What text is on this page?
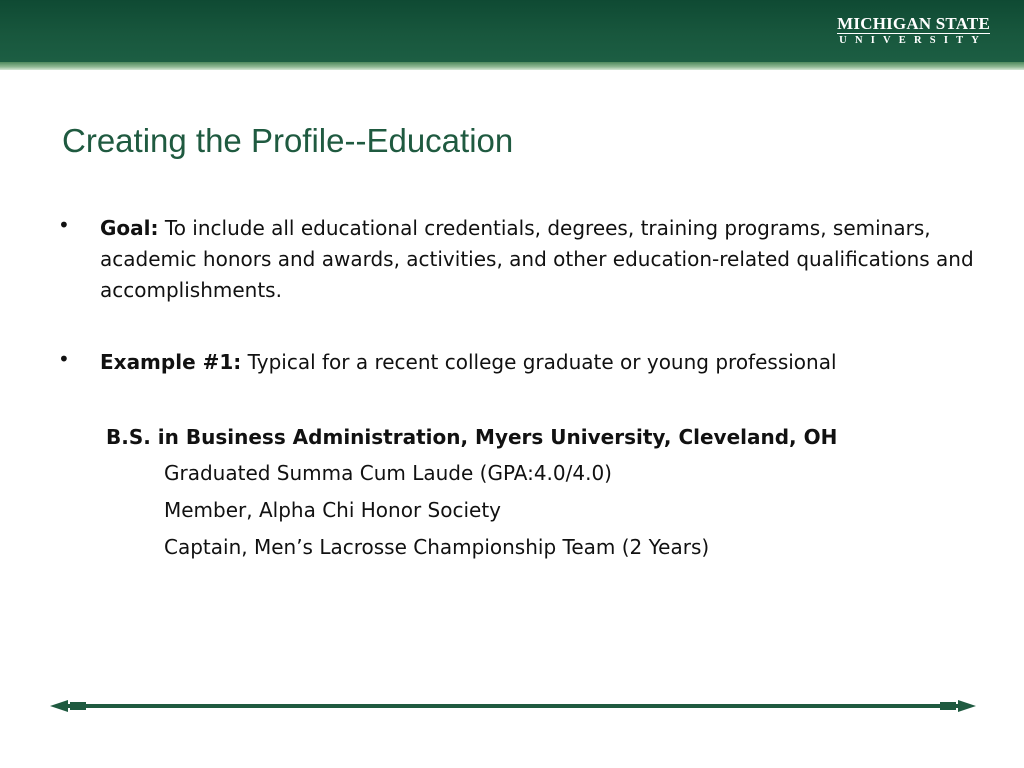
MICHIGAN STATE
UNIVERSITY
Creating the Profile--Education
• Goal: To include all educational credentials, degrees, training programs, seminars, academic honors and awards, activities, and other education-related qualifications and accomplishments.
• Example #1: Typical for a recent college graduate or young professional
B.S. in Business Administration, Myers University, Cleveland, OH
Graduated Summa Cum Laude (GPA:4.0/4.0)
Member, Alpha Chi Honor Society
Captain, Men’s Lacrosse Championship Team (2 Years)
